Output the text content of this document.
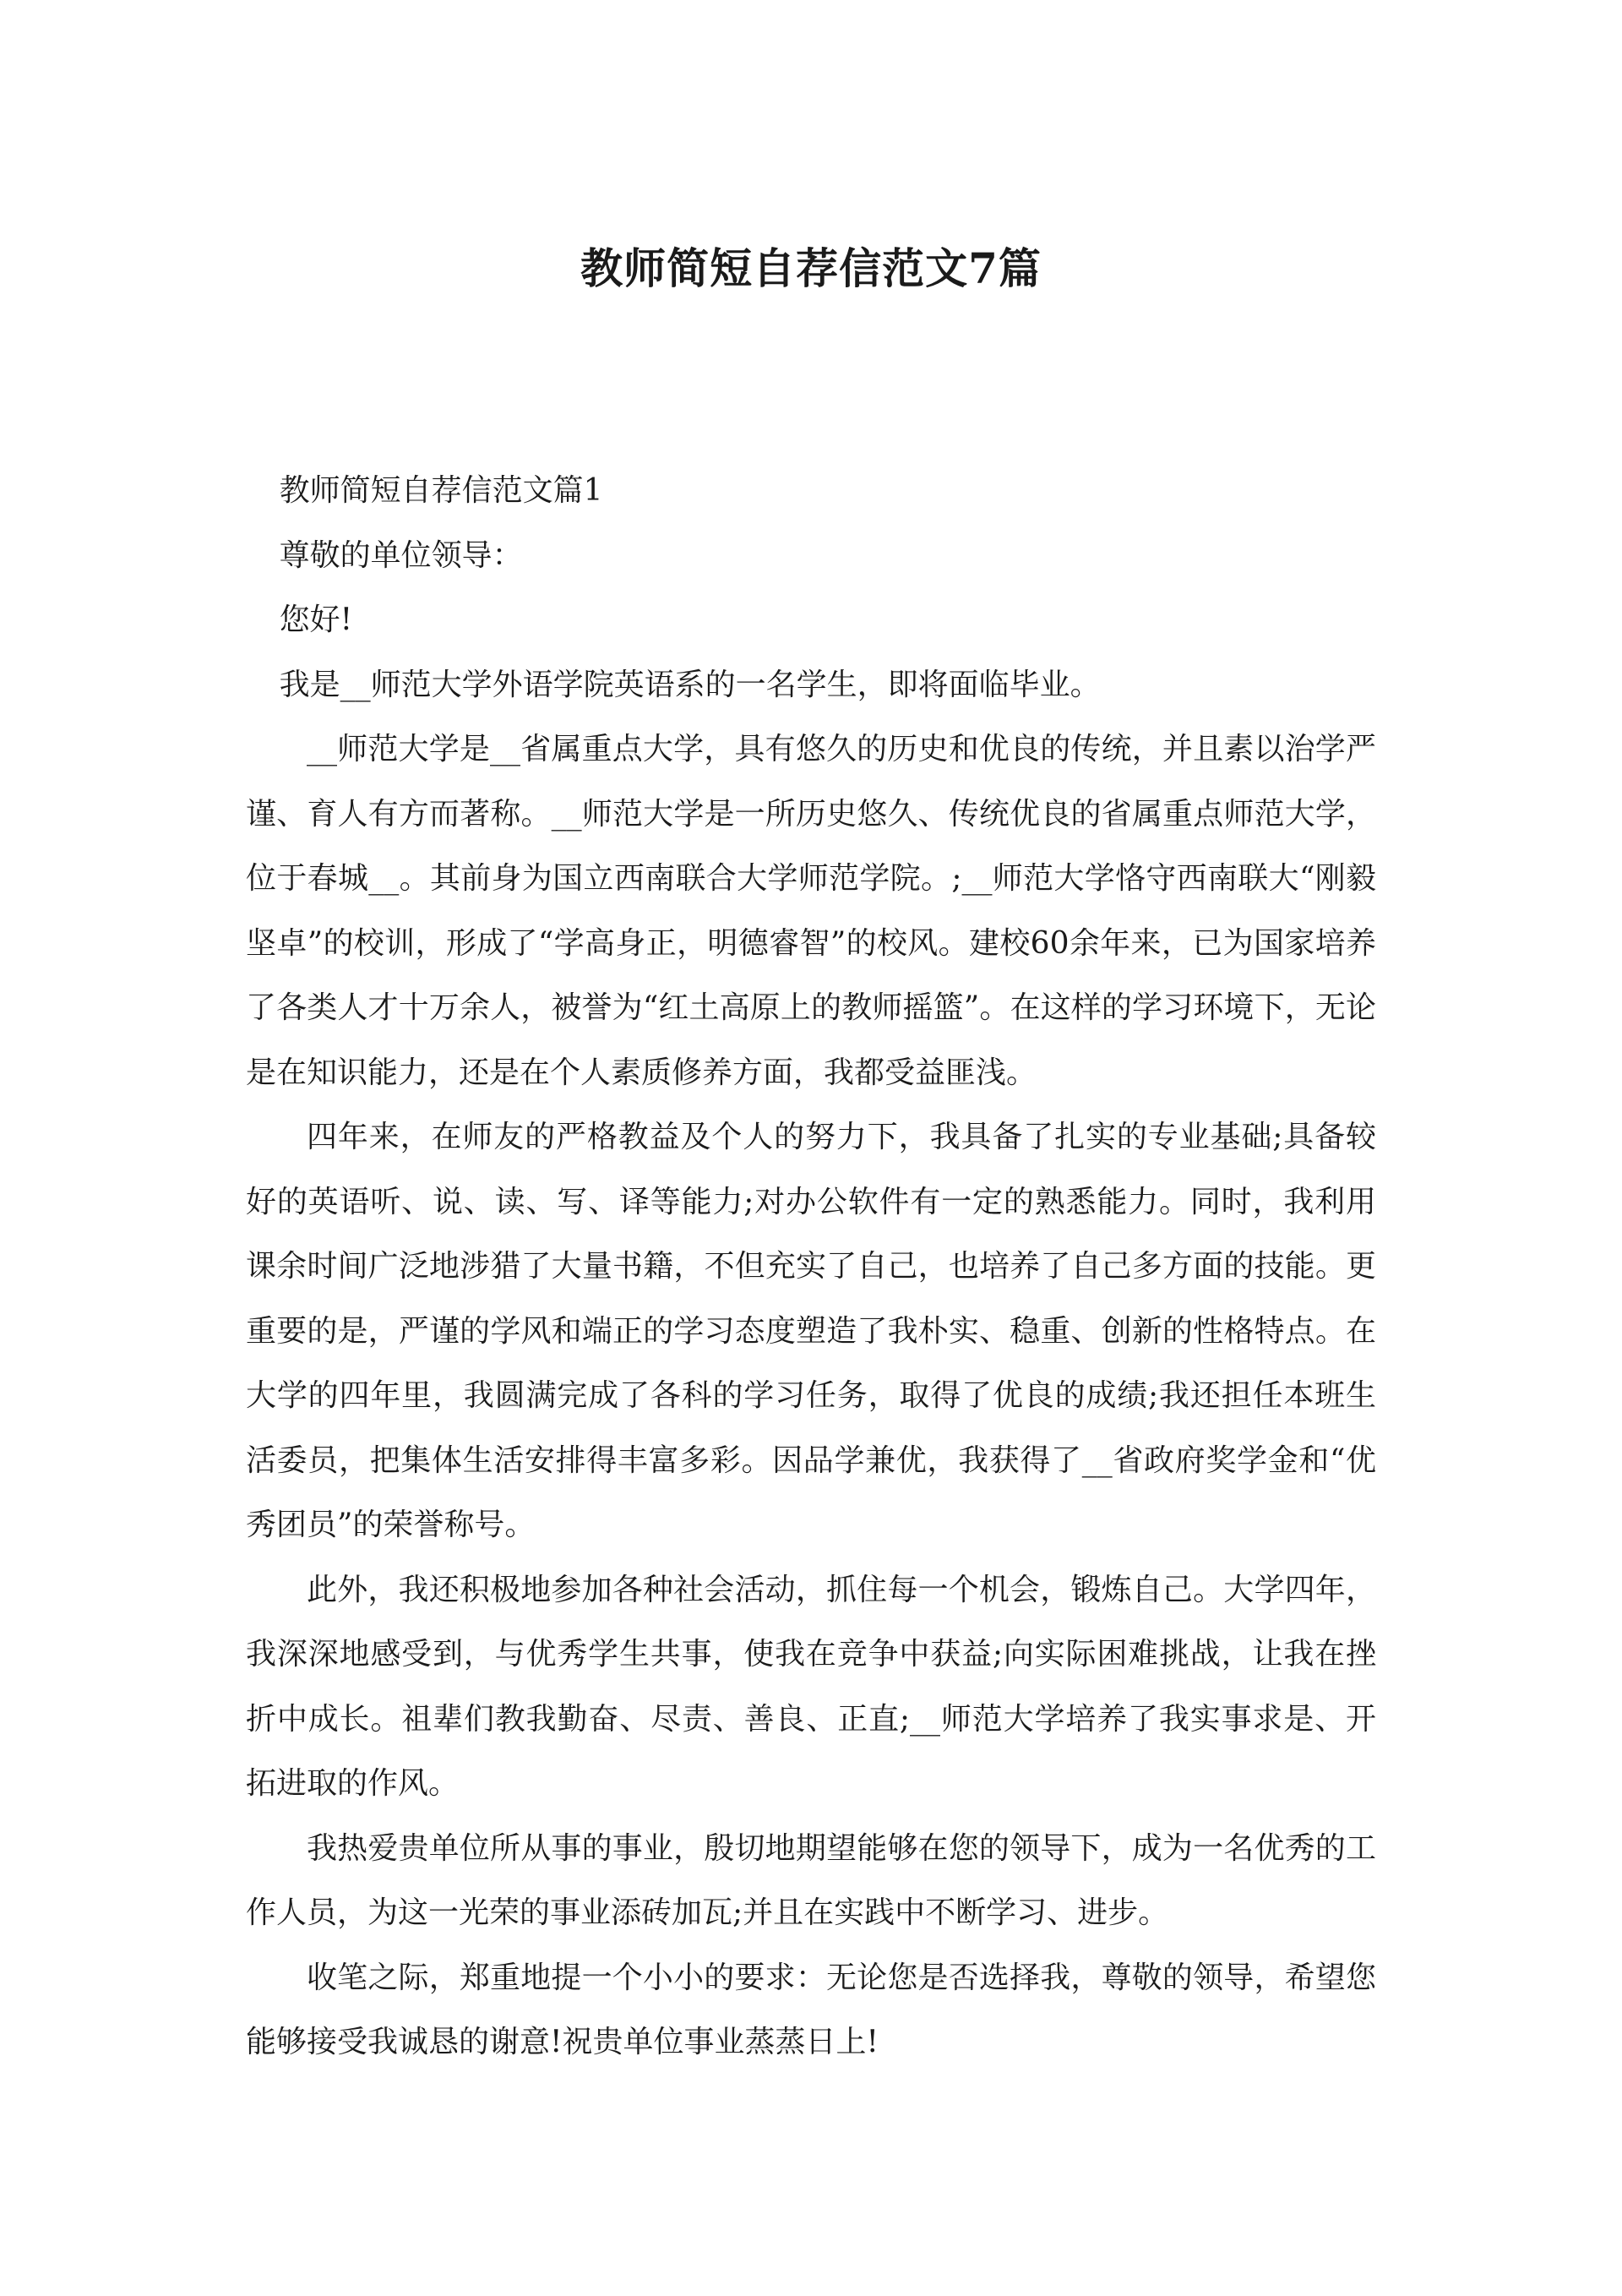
教师简短自荐信范文7篇

教师简短自荐信范文篇1

尊敬的单位领导：

您好!

我是__师范大学外语学院英语系的一名学生，即将面临毕业。

__师范大学是__省属重点大学，具有悠久的历史和优良的传统，并且素以治学严谨、育人有方而著称。__师范大学是一所历史悠久、传统优良的省属重点师范大学，位于春城__。其前身为国立西南联合大学师范学院。;__师范大学恪守西南联大“刚毅坚卓”的校训，形成了“学高身正，明德睿智”的校风。建校60余年来，已为国家培养了各类人才十万余人，被誉为“红土高原上的教师摇篮”。在这样的学习环境下，无论是在知识能力，还是在个人素质修养方面，我都受益匪浅。

四年来，在师友的严格教益及个人的努力下，我具备了扎实的专业基础;具备较好的英语听、说、读、写、译等能力;对办公软件有一定的熟悉能力。同时，我利用课余时间广泛地涉猎了大量书籍，不但充实了自己，也培养了自己多方面的技能。更重要的是，严谨的学风和端正的学习态度塑造了我朴实、稳重、创新的性格特点。在大学的四年里，我圆满完成了各科的学习任务，取得了优良的成绩;我还担任本班生活委员，把集体生活安排得丰富多彩。因品学兼优，我获得了__省政府奖学金和“优秀团员”的荣誉称号。

此外，我还积极地参加各种社会活动，抓住每一个机会，锻炼自己。大学四年，我深深地感受到，与优秀学生共事，使我在竞争中获益;向实际困难挑战，让我在挫折中成长。祖辈们教我勤奋、尽责、善良、正直;__师范大学培养了我实事求是、开拓进取的作风。

我热爱贵单位所从事的事业，殷切地期望能够在您的领导下，成为一名优秀的工作人员，为这一光荣的事业添砖加瓦;并且在实践中不断学习、进步。

收笔之际，郑重地提一个小小的要求：无论您是否选择我，尊敬的领导，希望您能够接受我诚恳的谢意!祝贵单位事业蒸蒸日上!
